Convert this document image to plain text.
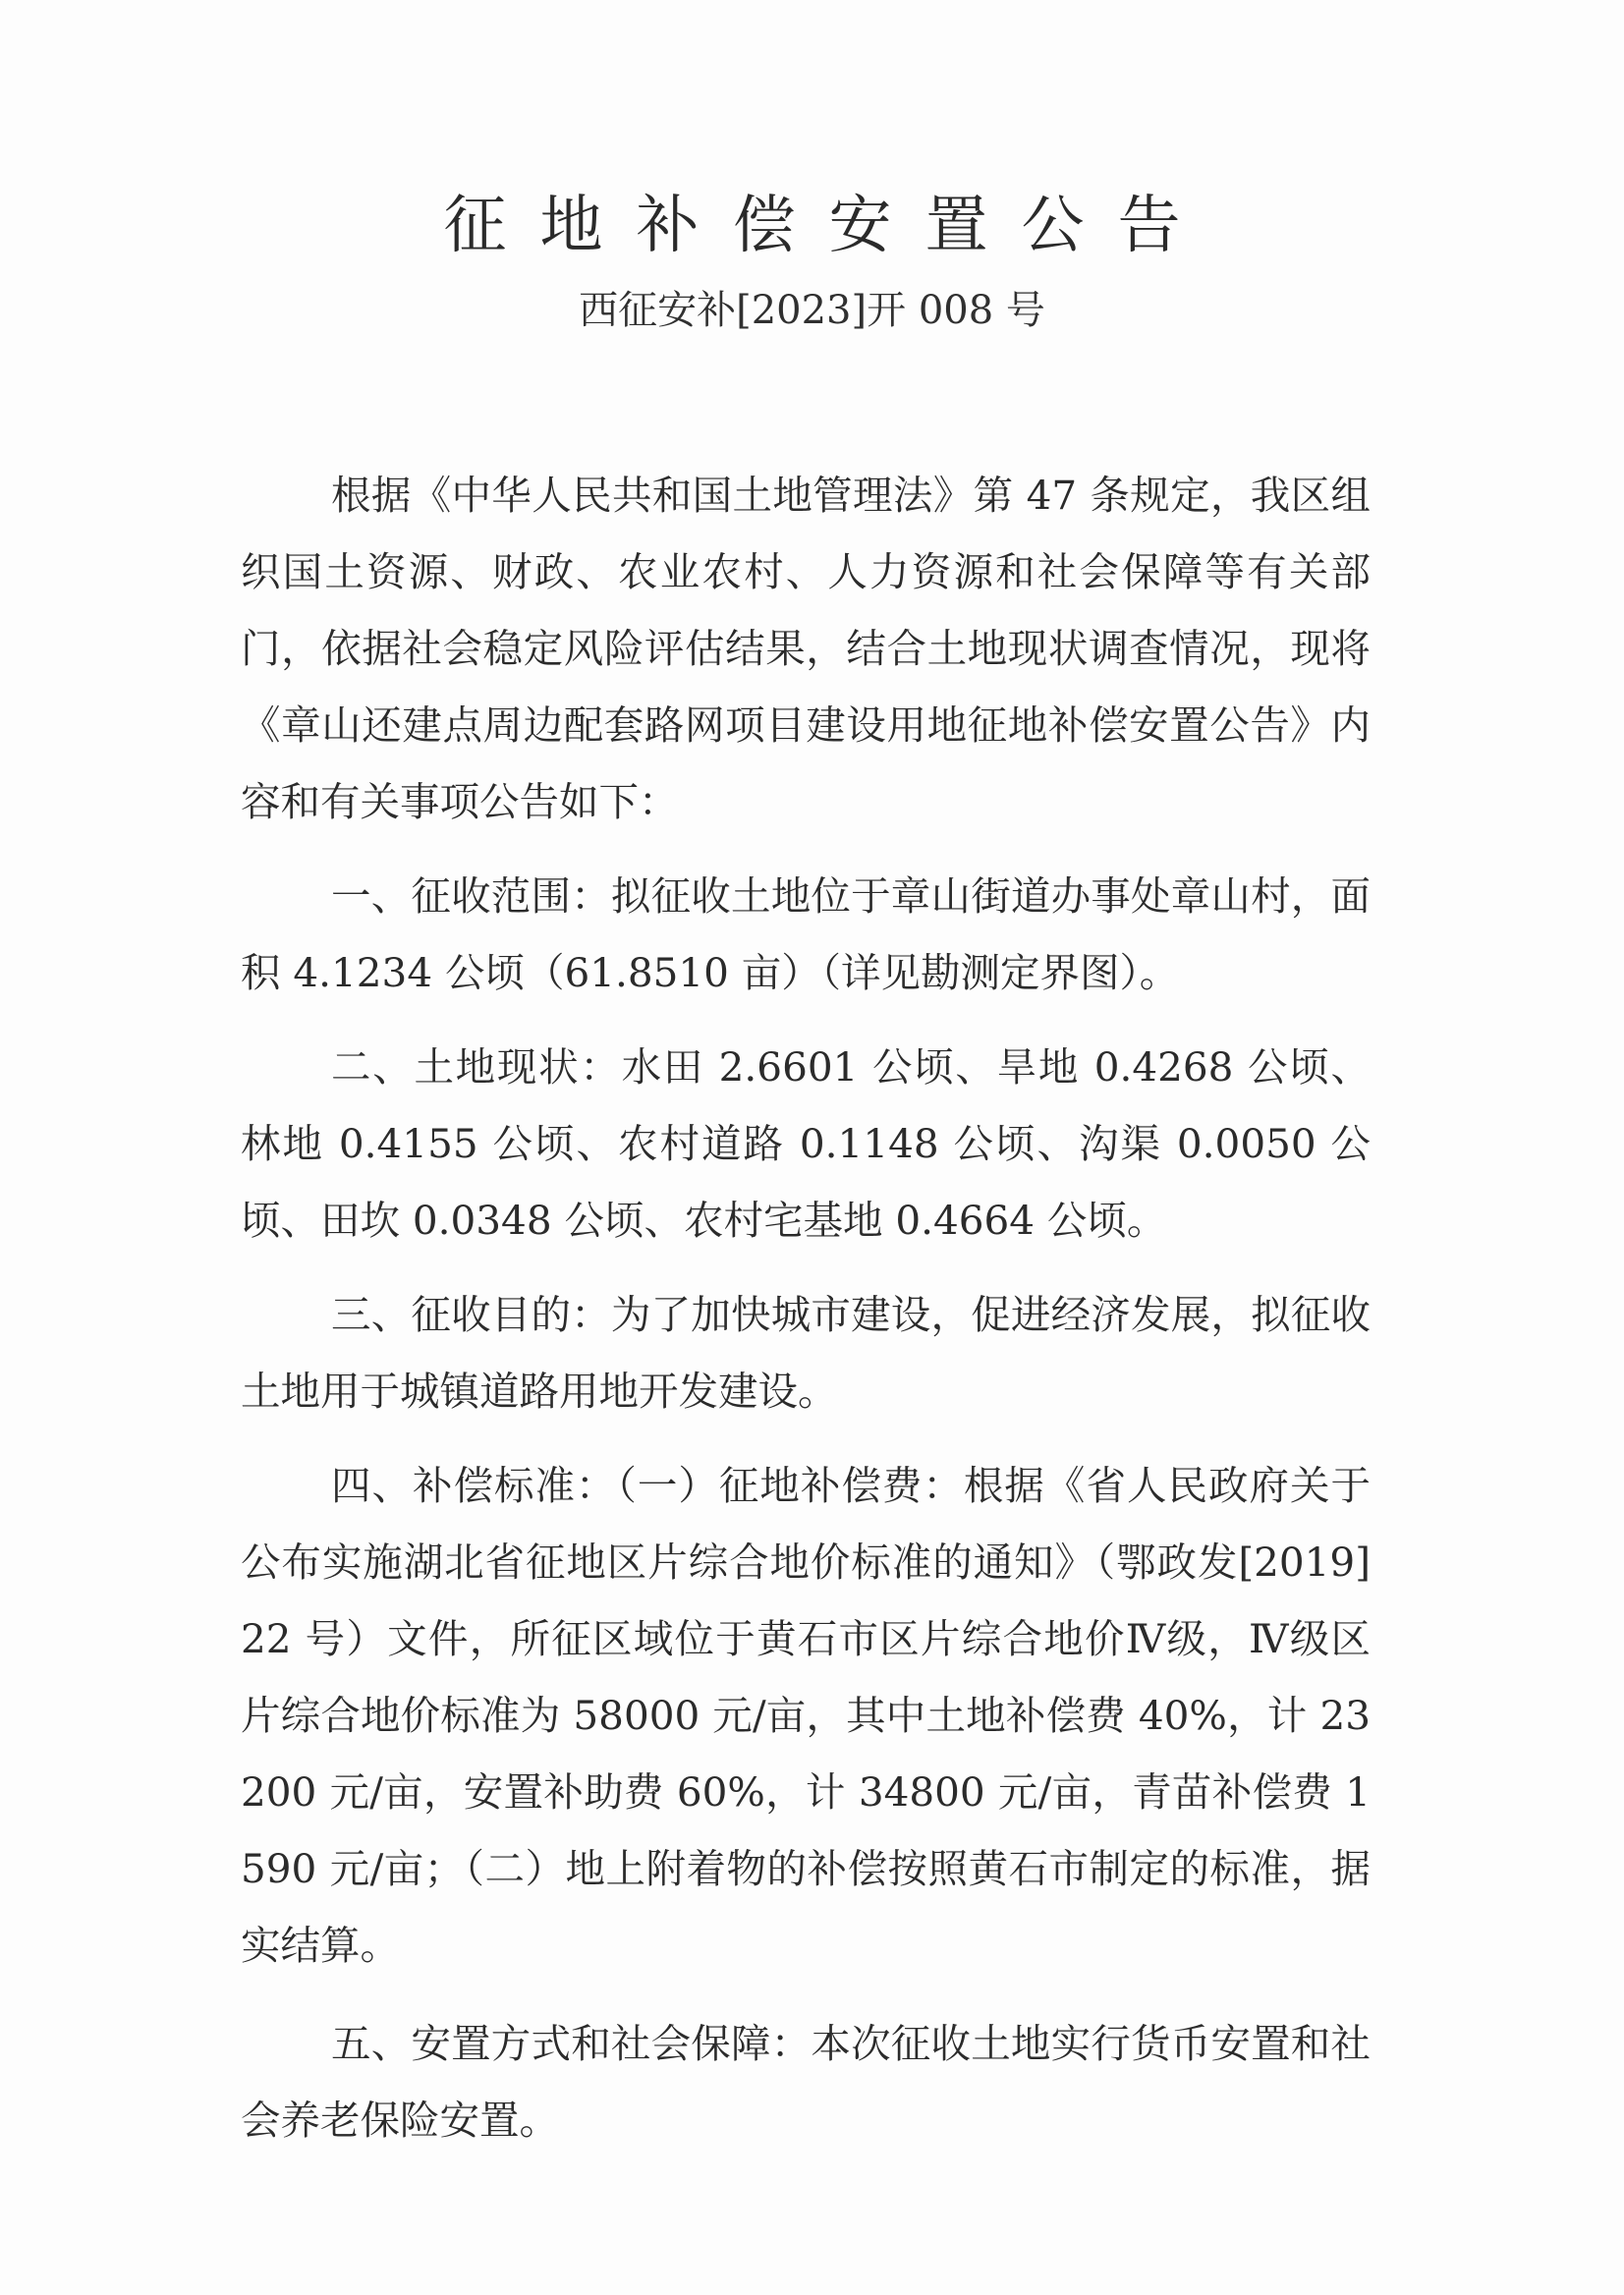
征地补偿安置公告
西征安补[2023]开 008 号

根据《中华人民共和国土地管理法》第 47 条规定，我区组织国土资源、财政、农业农村、人力资源和社会保障等有关部门，依据社会稳定风险评估结果，结合土地现状调查情况，现将《章山还建点周边配套路网项目建设用地征地补偿安置公告》内容和有关事项公告如下：

一、征收范围：拟征收土地位于章山街道办事处章山村，面积 4.1234 公顷（61.8510 亩）（详见勘测定界图）。

二、土地现状：水田 2.6601 公顷、旱地 0.4268 公顷、林地 0.4155 公顷、农村道路 0.1148 公顷、沟渠 0.0050 公顷、田坎 0.0348 公顷、农村宅基地 0.4664 公顷。

三、征收目的：为了加快城市建设，促进经济发展，拟征收土地用于城镇道路用地开发建设。

四、补偿标准：（一）征地补偿费：根据《省人民政府关于公布实施湖北省征地区片综合地价标准的通知》（鄂政发[2019]22 号）文件，所征区域位于黄石市区片综合地价Ⅳ级，Ⅳ级区片综合地价标准为 58000 元/亩，其中土地补偿费 40%，计 23200 元/亩，安置补助费 60%，计 34800 元/亩，青苗补偿费 1590 元/亩；（二）地上附着物的补偿按照黄石市制定的标准，据实结算。

五、安置方式和社会保障：本次征收土地实行货币安置和社会养老保险安置。
